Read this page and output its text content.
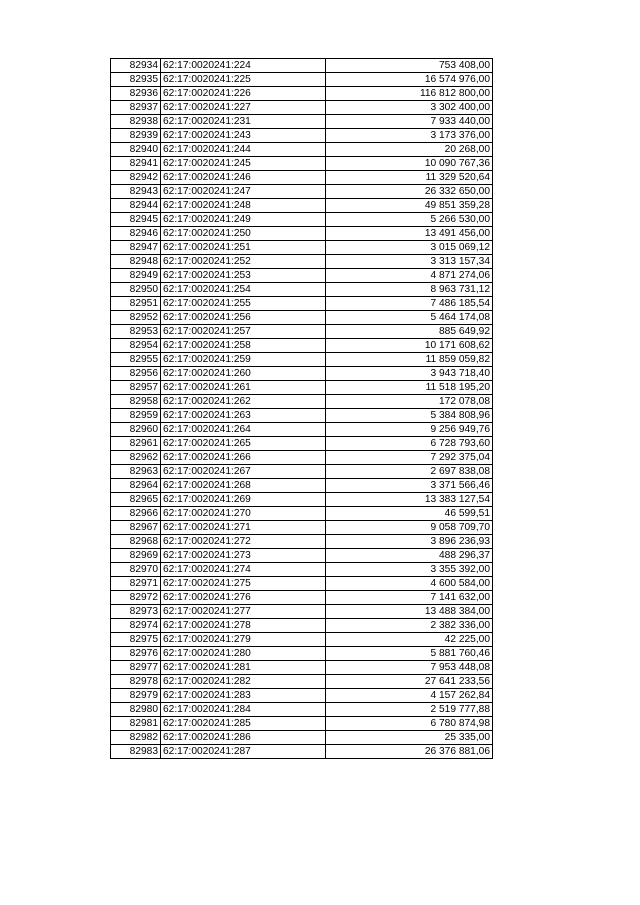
82934	62:17:0020241:224	753 408,00
82935	62:17:0020241:225	16 574 976,00
82936	62:17:0020241:226	116 812 800,00
82937	62:17:0020241:227	3 302 400,00
82938	62:17:0020241:231	7 933 440,00
82939	62:17:0020241:243	3 173 376,00
82940	62:17:0020241:244	20 268,00
82941	62:17:0020241:245	10 090 767,36
82942	62:17:0020241:246	11 329 520,64
82943	62:17:0020241:247	26 332 650,00
82944	62:17:0020241:248	49 851 359,28
82945	62:17:0020241:249	5 266 530,00
82946	62:17:0020241:250	13 491 456,00
82947	62:17:0020241:251	3 015 069,12
82948	62:17:0020241:252	3 313 157,34
82949	62:17:0020241:253	4 871 274,06
82950	62:17:0020241:254	8 963 731,12
82951	62:17:0020241:255	7 486 185,54
82952	62:17:0020241:256	5 464 174,08
82953	62:17:0020241:257	885 649,92
82954	62:17:0020241:258	10 171 608,62
82955	62:17:0020241:259	11 859 059,82
82956	62:17:0020241:260	3 943 718,40
82957	62:17:0020241:261	11 518 195,20
82958	62:17:0020241:262	172 078,08
82959	62:17:0020241:263	5 384 808,96
82960	62:17:0020241:264	9 256 949,76
82961	62:17:0020241:265	6 728 793,60
82962	62:17:0020241:266	7 292 375,04
82963	62:17:0020241:267	2 697 838,08
82964	62:17:0020241:268	3 371 566,46
82965	62:17:0020241:269	13 383 127,54
82966	62:17:0020241:270	46 599,51
82967	62:17:0020241:271	9 058 709,70
82968	62:17:0020241:272	3 896 236,93
82969	62:17:0020241:273	488 296,37
82970	62:17:0020241:274	3 355 392,00
82971	62:17:0020241:275	4 600 584,00
82972	62:17:0020241:276	7 141 632,00
82973	62:17:0020241:277	13 488 384,00
82974	62:17:0020241:278	2 382 336,00
82975	62:17:0020241:279	42 225,00
82976	62:17:0020241:280	5 881 760,46
82977	62:17:0020241:281	7 953 448,08
82978	62:17:0020241:282	27 641 233,56
82979	62:17:0020241:283	4 157 262,84
82980	62:17:0020241:284	2 519 777,88
82981	62:17:0020241:285	6 780 874,98
82982	62:17:0020241:286	25 335,00
82983	62:17:0020241:287	26 376 881,06
